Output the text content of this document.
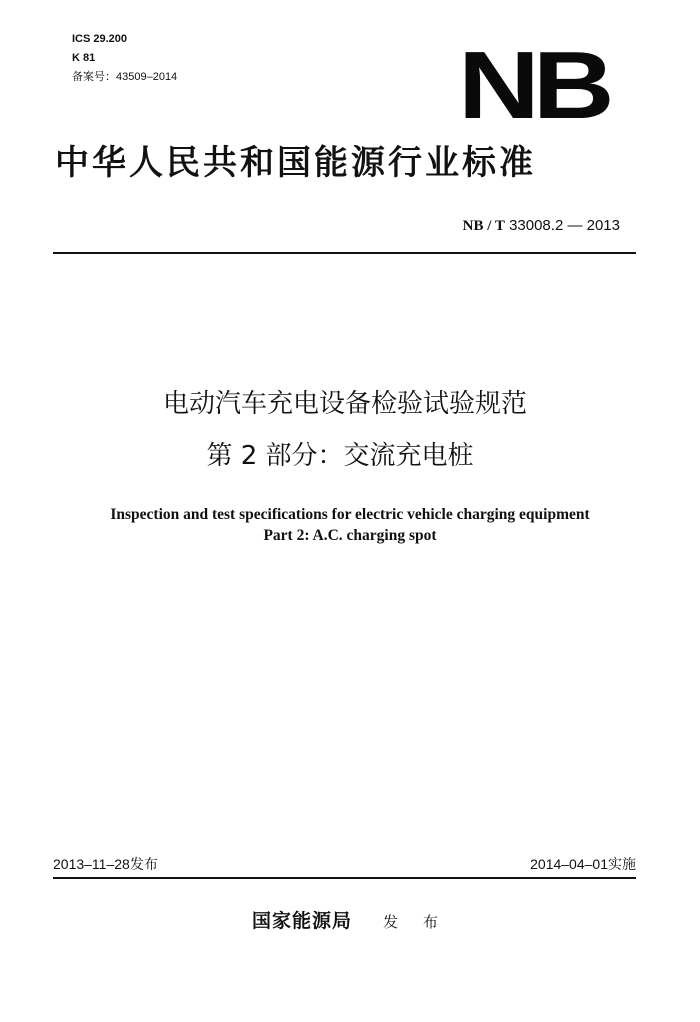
ICS 29.200
K 81
备案号：43509–2014	NB
中华人民共和国能源行业标准
NB / T 33008.2 — 2013
电动汽车充电设备检验试验规范
第 2 部分：交流充电桩
Inspection and test specifications for electric vehicle charging equipment
Part 2: A.C. charging spot
2013–11–28发布	2014–04–01实施
国家能源局 发 布
